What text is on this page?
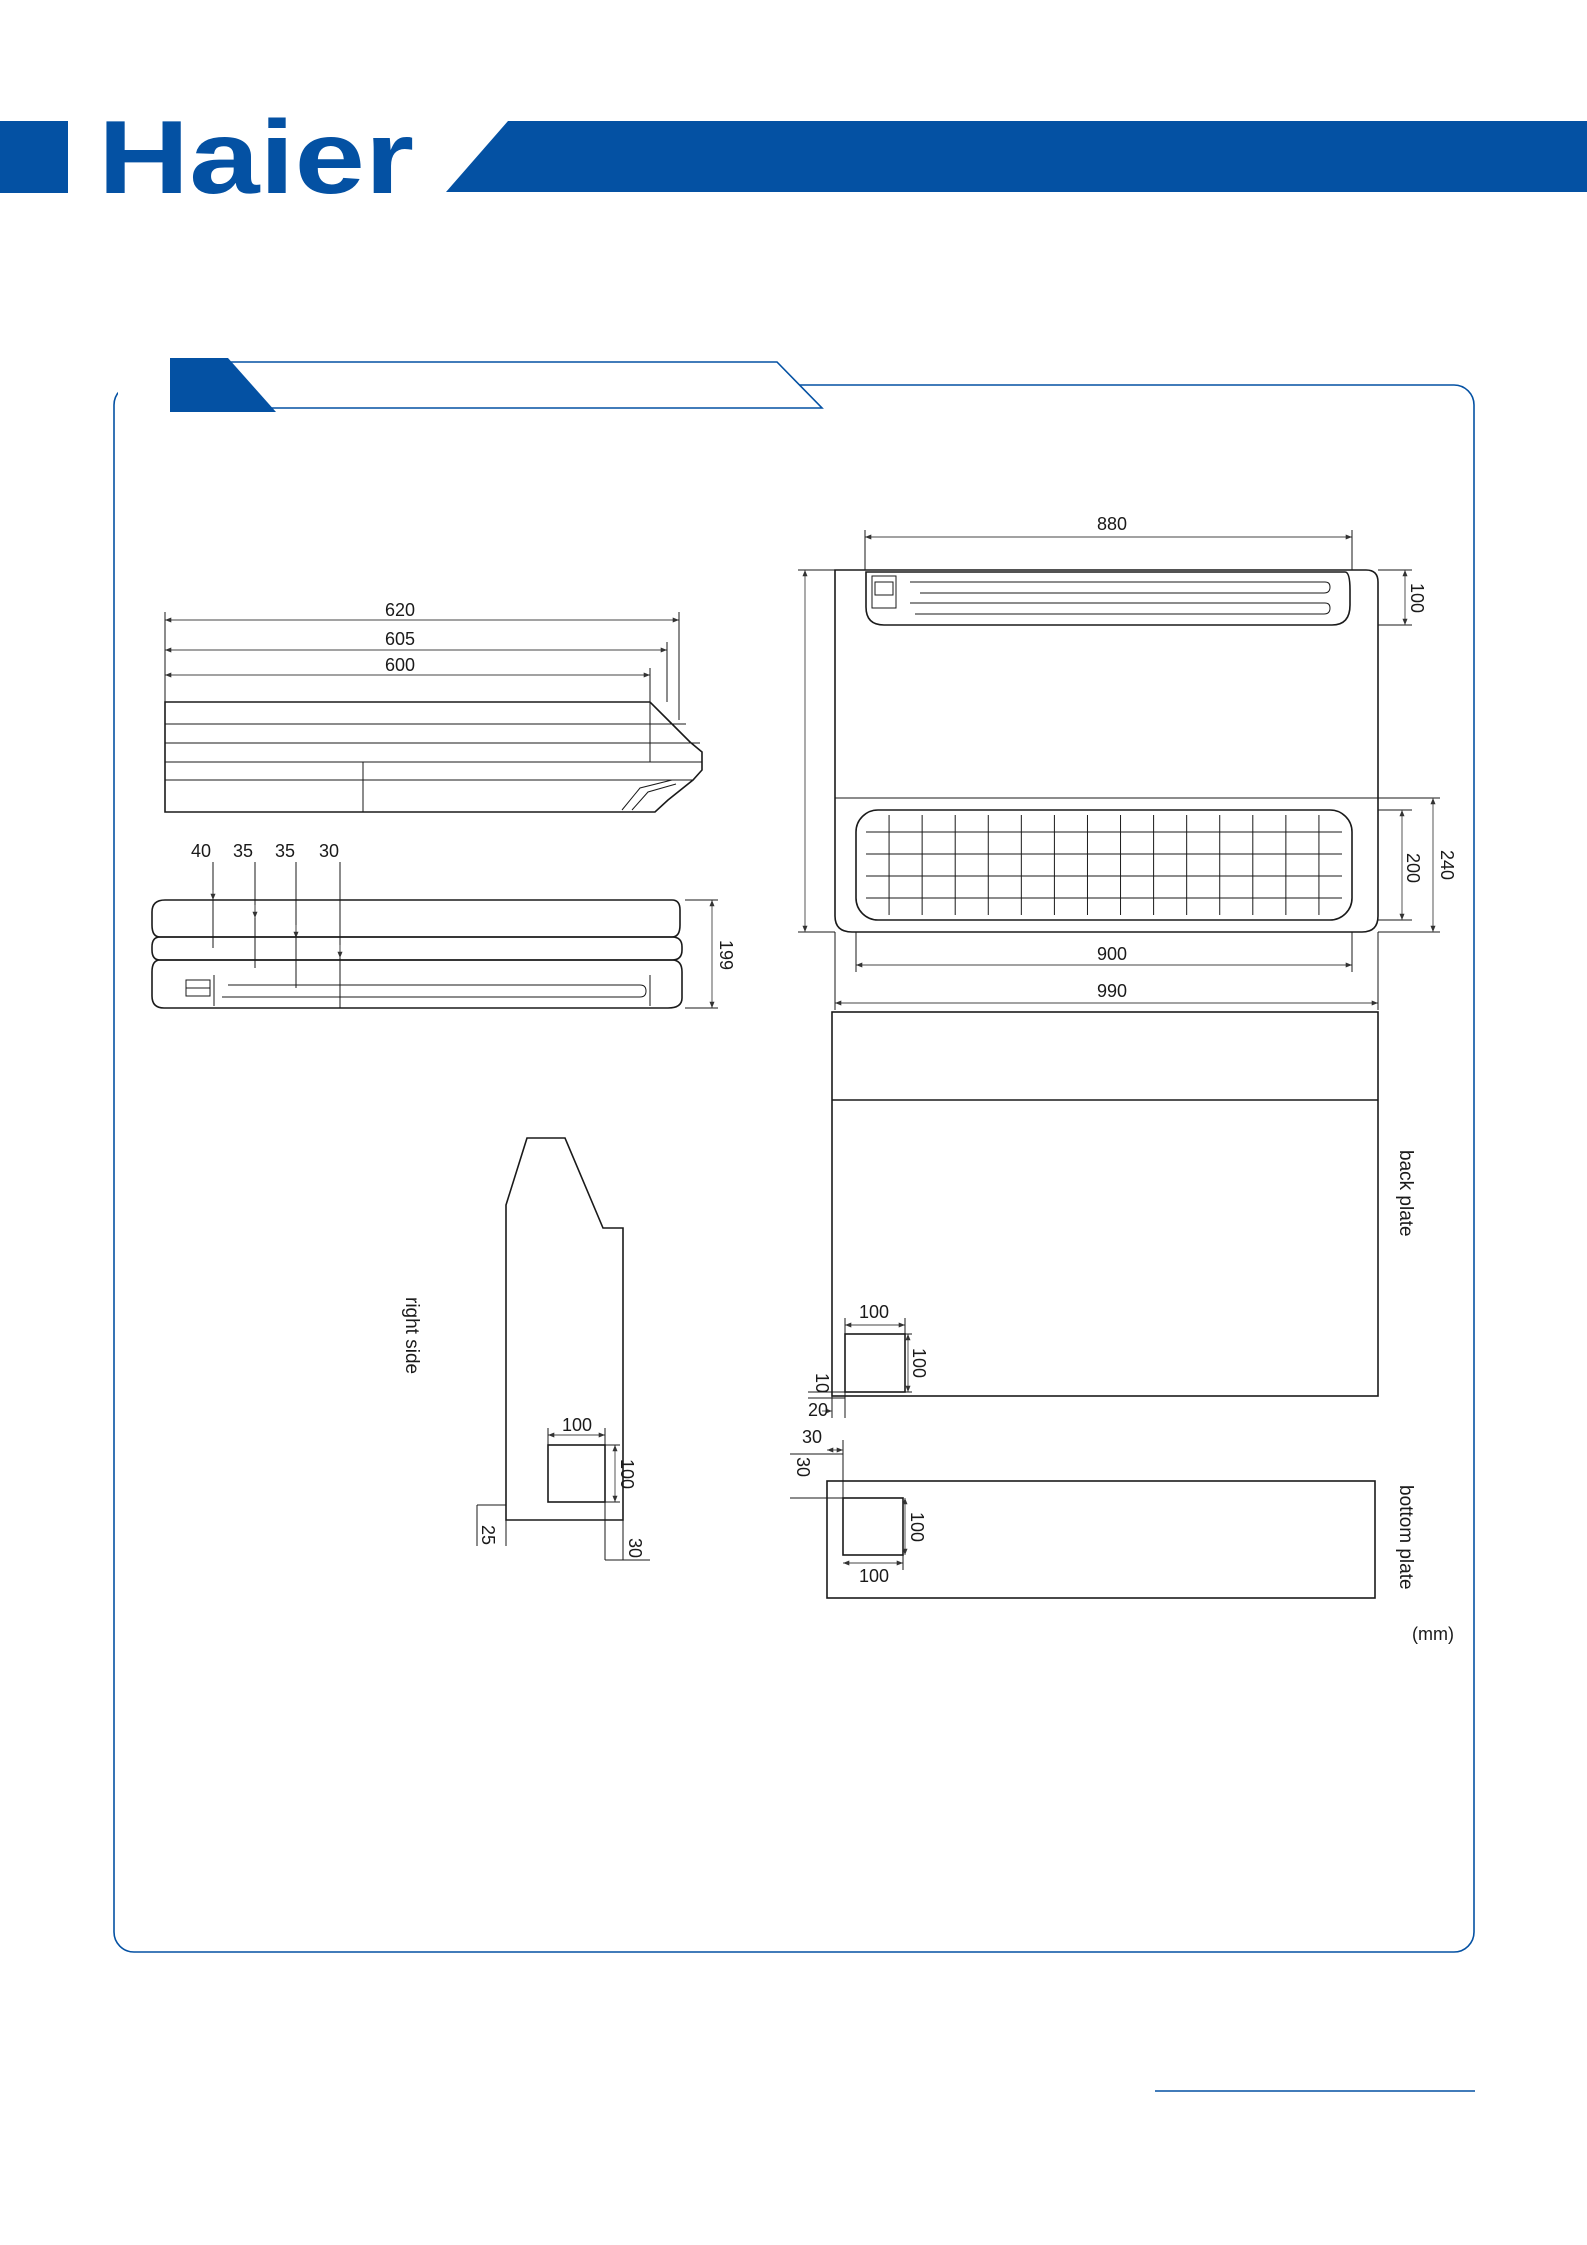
Haier
620
605
600
40 35 35 30
199
880
100
200 240
900
990
back plate
100
100
10
20
bottom plate
30
30
100
100
right side
100
100
25
30
(mm)
